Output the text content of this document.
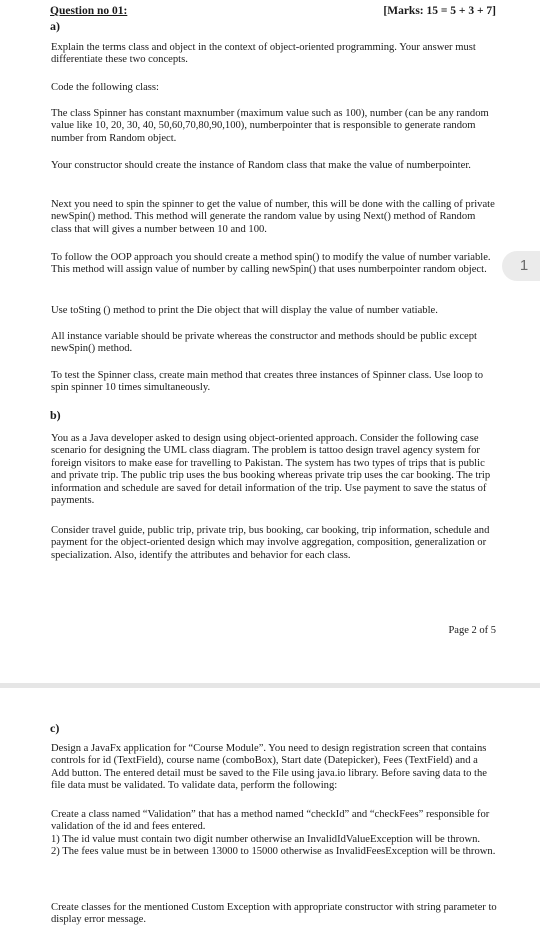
Question no 01:	[Marks: 15 = 5 + 3 + 7]
a)

Explain the terms class and object in the context of object-oriented programming. Your answer must differentiate these two concepts.

Code the following class:

The class Spinner has constant maxnumber (maximum value such as 100), number (can be any random value like 10, 20, 30, 40, 50,60,70,80,90,100), numberpointer that is responsible to generate random number from Random object.

Your constructor should create the instance of Random class that make the value of numberpointer.

Next you need to spin the spinner to get the value of number, this will be done with the calling of private newSpin() method. This method will generate the random value by using Next() method of Random class that will gives a number between 10 and 100.

To follow the OOP approach you should create a method spin() to modify the value of number variable. This method will assign value of number by calling newSpin() that uses numberpointer random object.

Use toSting () method to print the Die object that will display the value of number vatiable.

All instance variable should be private whereas the constructor and methods should be public except newSpin() method.

To test the Spinner class, create main method that creates three instances of Spinner class. Use loop to spin spinner 10 times simultaneously.

b)

You as a Java developer asked to design using object-oriented approach. Consider the following case scenario for designing the UML class diagram. The problem is tattoo design travel agency system for foreign visitors to make ease for travelling to Pakistan. The system has two types of trips that is public and private trip. The public trip uses the bus booking whereas private trip uses the car booking. The trip information and schedule are saved for detail information of the trip. Use payment to save the status of payments.

Consider travel guide, public trip, private trip, bus booking, car booking, trip information, schedule and payment for the object-oriented design which may involve aggregation, composition, generalization or specialization. Also, identify the attributes and behavior for each class.

Page 2 of 5
1
c)

Design a JavaFx application for “Course Module”. You need to design registration screen that contains controls for id (TextField), course name (comboBox), Start date (Datepicker), Fees (TextField) and a Add button. The entered detail must be saved to the File using java.io library. Before saving data to the file data must be validated. To validate data, perform the following:

Create a class named “Validation” that has a method named “checkId” and “checkFees” responsible for validation of the id and fees entered.

1) The id value must contain two digit number otherwise an InvalidIdValueException will be thrown.

2) The fees value must be in between 13000 to 15000 otherwise as InvalidFeesException will be thrown.

Create classes for the mentioned Custom Exception with appropriate constructor with string parameter to display error message.
